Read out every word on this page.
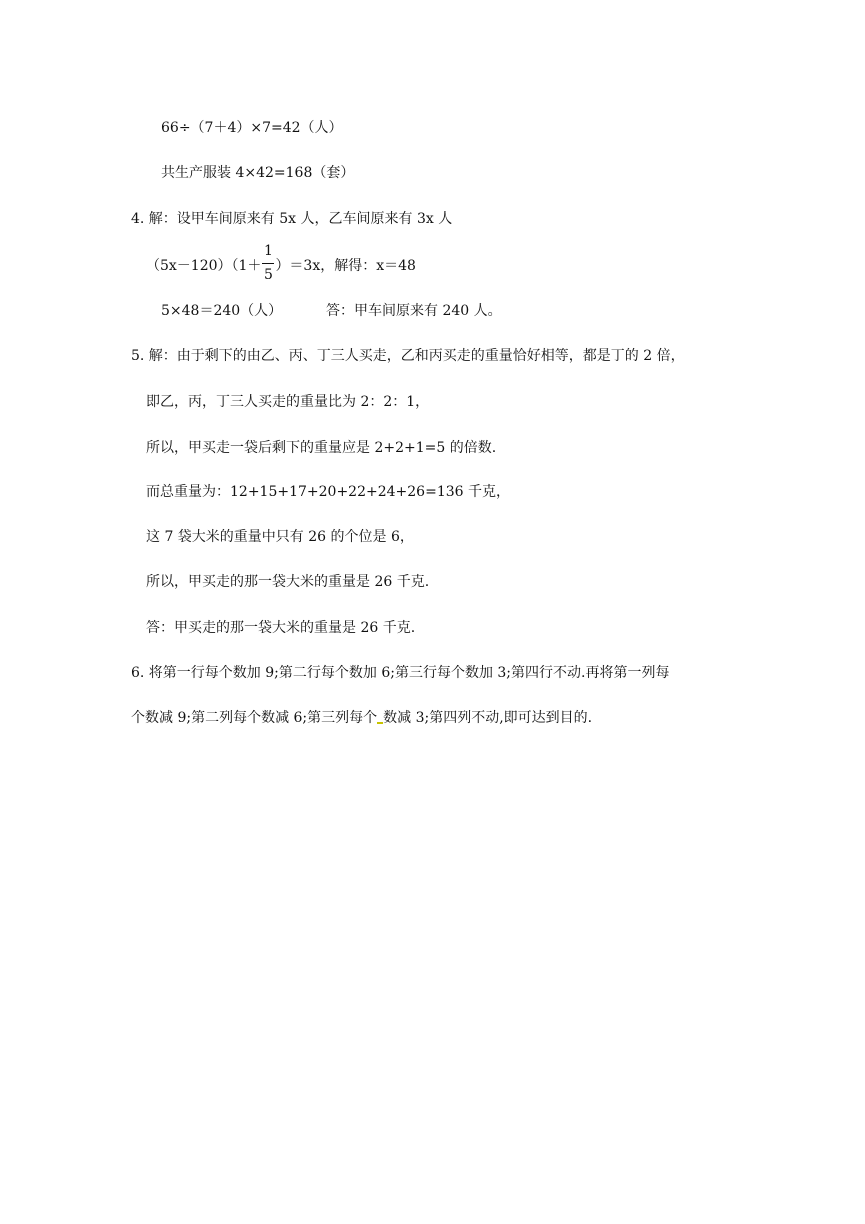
66÷（7＋4）×7=42（人）
共生产服装 4×42=168（套）
4. 解：设甲车间原来有 5x 人，乙车间原来有 3x 人
$(5x-120)(1+ \frac{1}{5} )=3x$，解得：x＝48
5×48＝240（人）	答：甲车间原来有 240 人。
5. 解：由于剩下的由乙、丙、丁三人买走，乙和丙买走的重量恰好相等，都是丁的 2 倍，
即乙，丙，丁三人买走的重量比为 2：2：1，
所以，甲买走一袋后剩下的重量应是 2+2+1=5 的倍数.
而总重量为：12+15+17+20+22+24+26=136 千克，
这 7 袋大米的重量中只有 26 的个位是 6，
所以，甲买走的那一袋大米的重量是 26 千克.
答：甲买走的那一袋大米的重量是 26 千克.
6. 将第一行每个数加 9;第二行每个数加 6;第三行每个数加 3;第四行不动.再将第一列每
个数减 9;第二列每个数减 6;第三列每个 数减 3;第四列不动,即可达到目的.
